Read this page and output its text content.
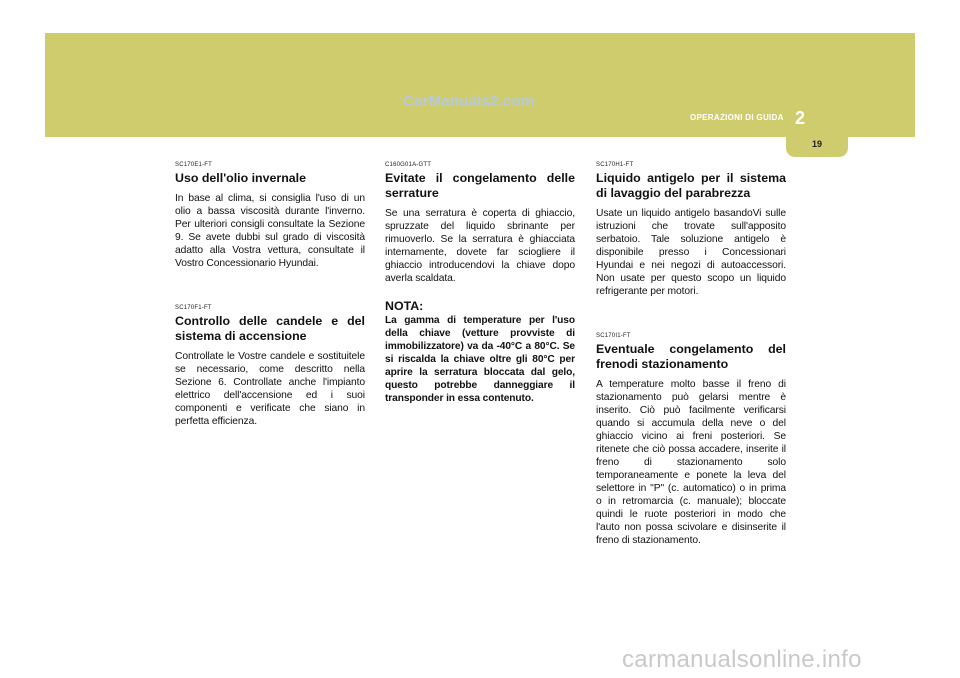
CarManuals2.com
OPERAZIONI DI GUIDA 2
19
SC170E1-FT
Uso dell'olio invernale

In base al clima, si consiglia l'uso di un olio a bassa viscosità durante l'inverno. Per ulteriori consigli consultate la Sezione 9. Se avete dubbi sul grado di viscosità adatto alla Vostra vettura, consultate il Vostro Concessionario Hyundai.

SC170F1-FT
Controllo delle candele e del sistema di accensione

Controllate le Vostre candele e sostituitele se necessario, come descritto nella Sezione 6. Controllate anche l'impianto elettrico dell'accensione ed i suoi componenti e verificate che siano in perfetta efficienza.

C160G01A-GTT
Evitate il congelamento delle serrature

Se una serratura è coperta di ghiaccio, spruzzate del liquido sbrinante per rimuoverlo. Se la serratura è ghiacciata internamente, dovete far sciogliere il ghiaccio introducendovi la chiave dopo averla scaldata.

NOTA:

La gamma di temperature per l'uso della chiave (vetture provviste di immobilizzatore) va da -40°C a 80°C. Se si riscalda la chiave oltre gli 80°C per aprire la serratura bloccata dal gelo, questo potrebbe danneggiare il transponder in essa contenuto.

SC170H1-FT
Liquido antigelo per il sistema di lavaggio del parabrezza

Usate un liquido antigelo basandoVi sulle istruzioni che trovate sull'apposito serbatoio. Tale soluzione antigelo è disponibile presso i Concessionari Hyundai e nei negozi di autoaccessori. Non usate per questo scopo un liquido refrigerante per motori.

SC170I1-FT
Eventuale congelamento del frenodi stazionamento

A temperature molto basse il freno di stazionamento può gelarsi mentre è inserito. Ciò può facilmente verificarsi quando si accumula della neve o del ghiaccio vicino ai freni posteriori. Se ritenete che ciò possa accadere, inserite il freno di stazionamento solo temporaneamente e ponete la leva del selettore in "P" (c. automatico) o in prima o in retromarcia (c. manuale); bloccate quindi le ruote posteriori in modo che l'auto non possa scivolare e disinserite il freno di stazionamento.

carmanualsonline.info
